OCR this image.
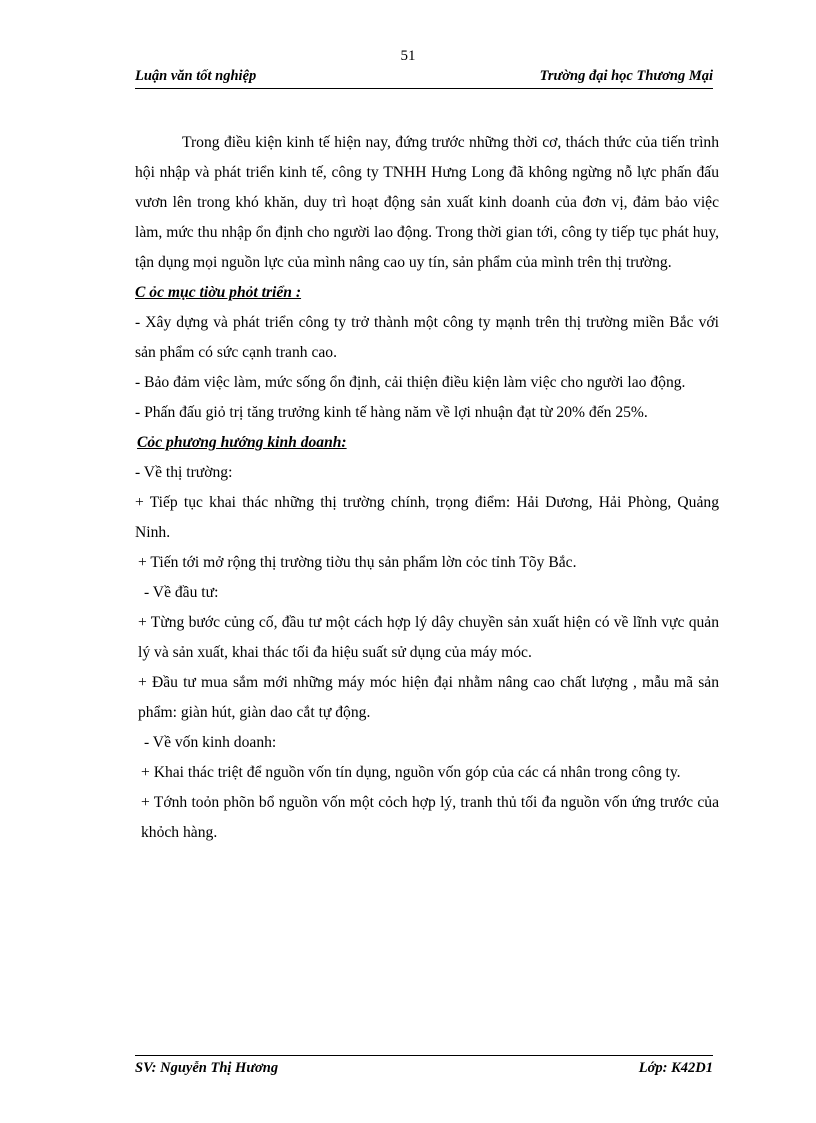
51
Luận văn tốt nghiệp	Trường đại học Thương Mại

Trong điều kiện kinh tế hiện nay, đứng trước những thời cơ, thách thức của tiến trình hội nhập và phát triển kinh tế, công ty TNHH Hưng Long đã không ngừng nỗ lực phấn đấu vươn lên trong khó khăn, duy trì hoạt động sản xuất kinh doanh của đơn vị, đảm bảo việc làm, mức thu nhập ổn định cho người lao động. Trong thời gian tới, công ty tiếp tục phát huy, tận dụng mọi nguồn lực của mình nâng cao uy tín, sản phẩm của mình trên thị trường.

C ỏc mục tiờu phỏt triển :

- Xây dựng và phát triển công ty trở thành một công ty mạnh trên thị trường miền Bắc với sản phẩm có sức cạnh tranh cao.

- Bảo đảm việc làm, mức sống ổn định, cải thiện điều kiện làm việc cho người lao động.

- Phấn đấu giỏ trị tăng trưởng kinh tế hàng năm về lợi nhuận đạt từ 20% đến 25%.

Cỏc phương hướng kinh doanh:

- Về thị trường:

+ Tiếp tục khai thác những thị trường chính, trọng điểm: Hải Dương, Hải Phòng, Quảng Ninh.

+ Tiến tới mở rộng thị trường tiờu thụ sản phẩm lờn cỏc tỉnh Tõy Bắc.

- Về đầu tư:

+ Từng bước củng cố, đầu tư một cách hợp lý dây chuyền sản xuất hiện có về lĩnh vực quản lý và sản xuất, khai thác tối đa hiệu suất sử dụng của máy móc.

+ Đầu tư mua sắm mới những máy móc hiện đại nhằm nâng cao chất lượng , mẫu mã sản phẩm: giàn hút, giàn dao cắt tự động.

- Về vốn kinh doanh:

+ Khai thác triệt để nguồn vốn tín dụng, nguồn vốn góp của các cá nhân trong công ty.

+ Tớnh toỏn phõn bổ nguồn vốn một cỏch hợp lý, tranh thủ tối đa nguồn vốn ứng trước của khỏch hàng.

SV: Nguyễn Thị Hương	Lớp: K42D1
